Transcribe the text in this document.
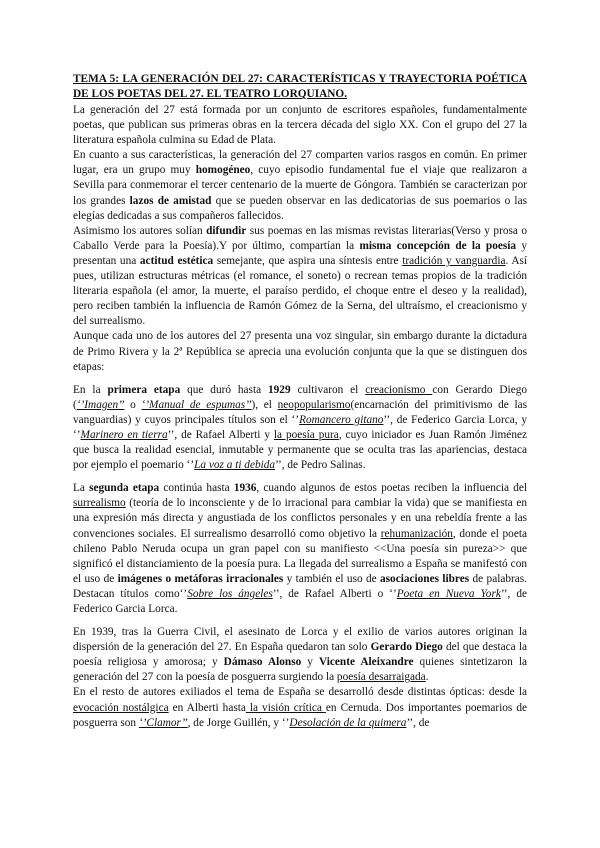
TEMA 5: LA GENERACIÓN DEL 27: CARACTERÍSTICAS Y TRAYECTORIA POÉTICA DE LOS POETAS DEL 27. EL TEATRO LORQUIANO.

La generación del 27 está formada por un conjunto de escritores españoles, fundamentalmente poetas, que publican sus primeras obras en la tercera década del siglo XX. Con el grupo del 27 la literatura española culmina su Edad de Plata.

En cuanto a sus características, la generación del 27 comparten varios rasgos en común. En primer lugar, era un grupo muy homogéneo, cuyo episodio fundamental fue el viaje que realizaron a Sevilla para conmemorar el tercer centenario de la muerte de Góngora. También se caracterizan por los grandes lazos de amistad que se pueden observar en las dedicatorias de sus poemarios o las elegías dedicadas a sus compañeros fallecidos.

Asimismo los autores solían difundir sus poemas en las mismas revistas literarias(Verso y prosa o Caballo Verde para la Poesía).Y por último, compartían la misma concepción de la poesía y presentan una actitud estética semejante, que aspira una síntesis entre tradición y vanguardia. Así pues, utilizan estructuras métricas (el romance, el soneto) o recrean temas propios de la tradición literaria española (el amor, la muerte, el paraíso perdido, el choque entre el deseo y la realidad), pero reciben también la influencia de Ramón Gómez de la Serna, del ultraísmo, el creacionismo y del surrealismo.

Aunque cada uno de los autores del 27 presenta una voz singular, sin embargo durante la dictadura de Primo Rivera y la 2ª República se aprecia una evolución conjunta que la que se distinguen dos etapas:

En la primera etapa que duró hasta 1929 cultivaron el creacionismo con Gerardo Diego (‘’Imagen’’ o ‘’Manual de espumas’’), el neopopularismo(encarnación del primitivismo de las vanguardias) y cuyos principales títulos son el ‘’Romancero gitano’’, de Federico Garcia Lorca, y ‘’Marinero en tierra’’, de Rafael Alberti y la poesía pura, cuyo iniciador es Juan Ramón Jiménez que busca la realidad esencial, inmutable y permanente que se oculta tras las apariencias, destaca por ejemplo el poemario ‘’La voz a ti debida’’, de Pedro Salinas.

La segunda etapa continúa hasta 1936, cuando algunos de estos poetas reciben la influencia del surrealismo (teoría de lo inconsciente y de lo irracional para cambiar la vida) que se manifiesta en una expresión más directa y angustiada de los conflictos personales y en una rebeldía frente a las convenciones sociales. El surrealismo desarrolló como objetivo la rehumanización, donde el poeta chileno Pablo Neruda ocupa un gran papel con su manifiesto <<Una poesía sin pureza>> que significó el distanciamiento de la poesía pura. La llegada del surrealismo a España se manifestó con el uso de imágenes o metáforas irracionales y también el uso de asociaciones libres de palabras. Destacan títulos como‘’Sobre los ángeles’’, de Rafael Alberti o ‘’Poeta en Nueva York’’, de Federico Garcia Lorca.

En 1939, tras la Guerra Civil, el asesinato de Lorca y el exilio de varios autores originan la dispersión de la generación del 27. En España quedaron tan solo Gerardo Diego del que destaca la poesía religiosa y amorosa; y Dámaso Alonso y Vicente Aleixandre quienes sintetizaron la generación del 27 con la poesía de posguerra surgiendo la poesía desarraigada.

En el resto de autores exiliados el tema de España se desarrolló desde distintas ópticas: desde la evocación nostálgica en Alberti hasta la visión crítica en Cernuda. Dos importantes poemarios de posguerra son ‘’Clamor’’, de Jorge Guillén, y ‘’Desolación de la quimera’’, de
